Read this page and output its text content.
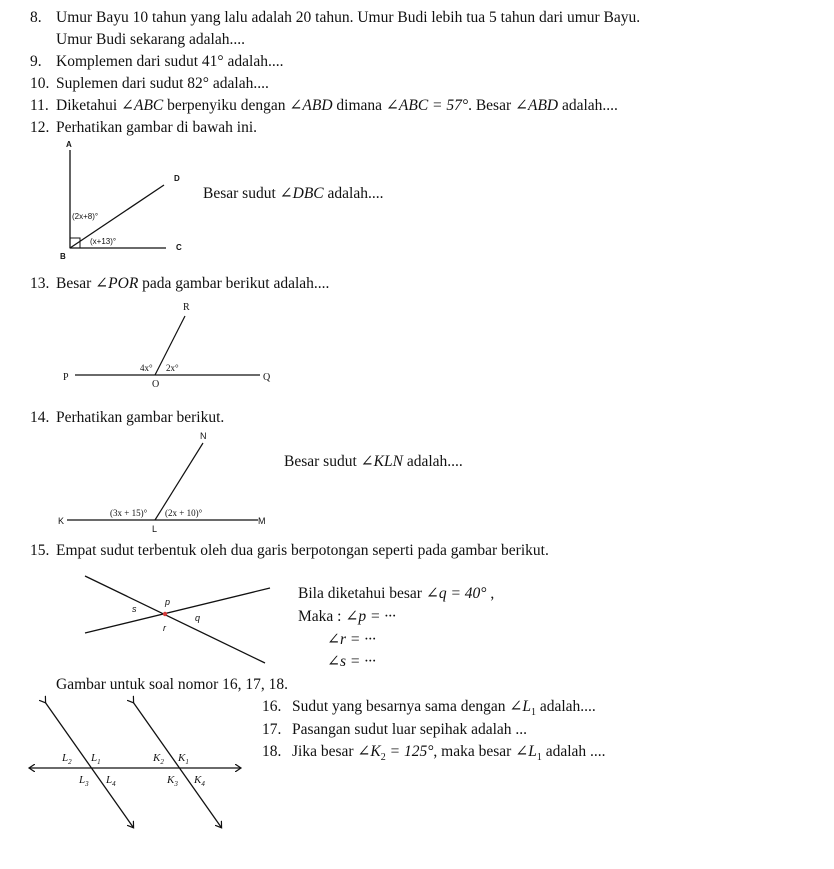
8. Umur Bayu 10 tahun yang lalu adalah 20 tahun. Umur Budi lebih tua 5 tahun dari umur Bayu.
Umur Budi sekarang adalah....
9. Komplemen dari sudut 41° adalah....
10. Suplemen dari sudut 82° adalah....
11. Diketahui ∠ABC berpenyiku dengan ∠ABD dimana ∠ABC = 57°. Besar ∠ABD adalah....
12. Perhatikan gambar di bawah ini.
A
B
C
D
(2x+8)°
(x+13)°
Besar sudut ∠DBC adalah....
13. Besar ∠POR pada gambar berikut adalah....
P	Q
R
O
4x° 2x°
14. Perhatikan gambar berikut.
K	M
N
L
(3x + 15)° (2x + 10)°
Besar sudut ∠KLN adalah....
15. Empat sudut terbentuk oleh dua garis berpotongan seperti pada gambar berikut.
p
q
r
s
Bila diketahui besar ∠q = 40° ,
Maka : ∠p = ···
∠r = ···
∠s = ···
Gambar untuk soal nomor 16, 17, 18.
$L_2$ $L_1$
$L_3$ $L_4$
$K_2$ $K_1$
$K_3$ $K_4$
16. Sudut yang besarnya sama dengan $\angle L_1$ adalah....
17. Pasangan sudut luar sepihak adalah ...
18. Jika besar $\angle K_2 = 125^\circ$, maka besar $\angle L_1$ adalah ....
